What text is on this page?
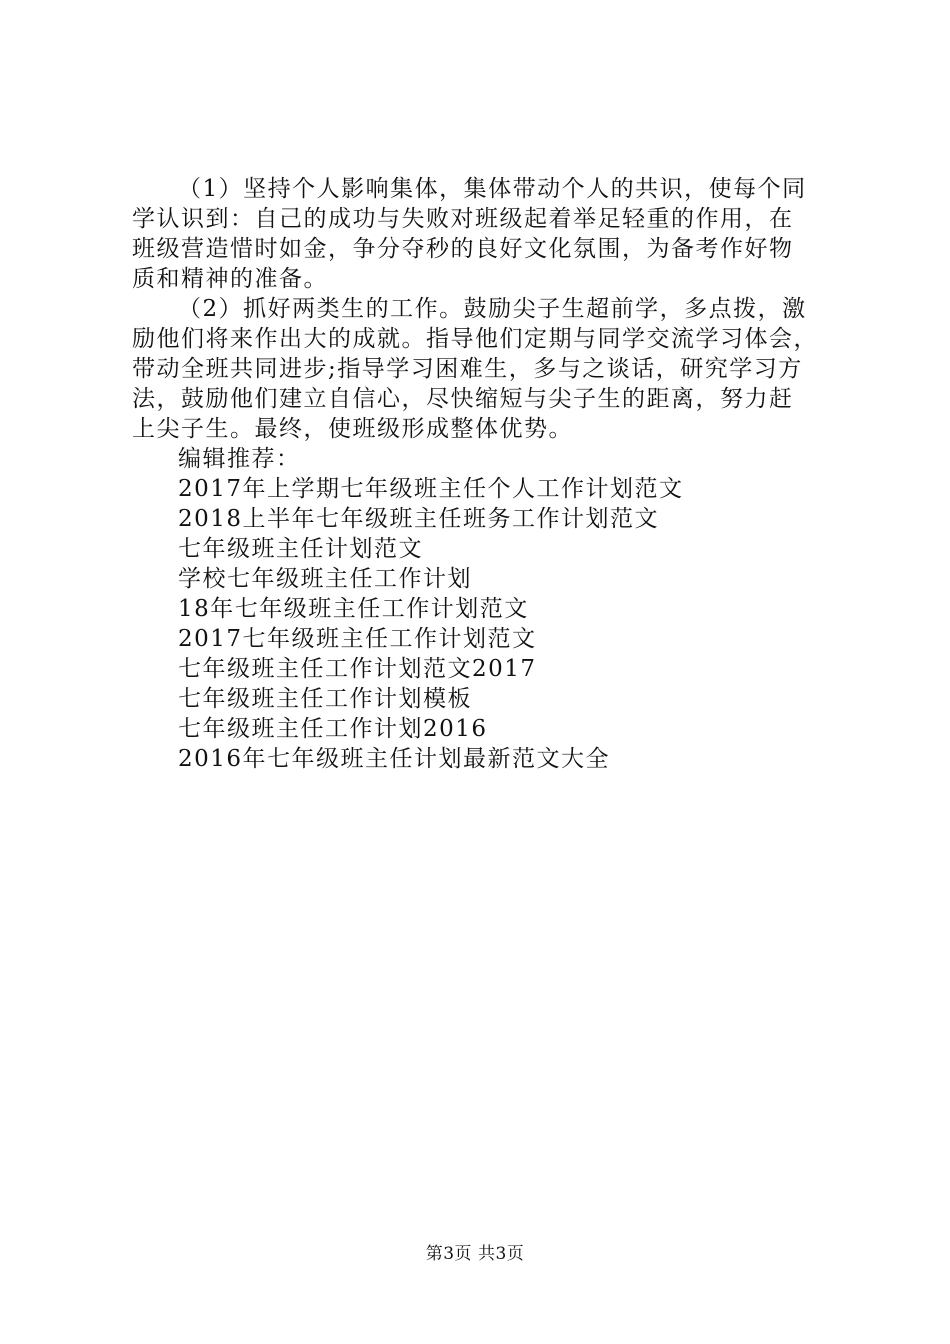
（1）坚持个人影响集体，集体带动个人的共识，使每个同

学认识到：自己的成功与失败对班级起着举足轻重的作用，在

班级营造惜时如金，争分夺秒的良好文化氛围，为备考作好物

质和精神的准备。

（2）抓好两类生的工作。鼓励尖子生超前学，多点拨，激

励他们将来作出大的成就。指导他们定期与同学交流学习体会，

带动全班共同进步;指导学习困难生，多与之谈话，研究学习方

法，鼓励他们建立自信心，尽快缩短与尖子生的距离，努力赶

上尖子生。最终，使班级形成整体优势。

编辑推荐：
2017年上学期七年级班主任个人工作计划范文
2018上半年七年级班主任班务工作计划范文
七年级班主任计划范文
学校七年级班主任工作计划
18年七年级班主任工作计划范文
2017七年级班主任工作计划范文
七年级班主任工作计划范文2017
七年级班主任工作计划模板
七年级班主任工作计划2016
2016年七年级班主任计划最新范文大全
第3页 共3页
